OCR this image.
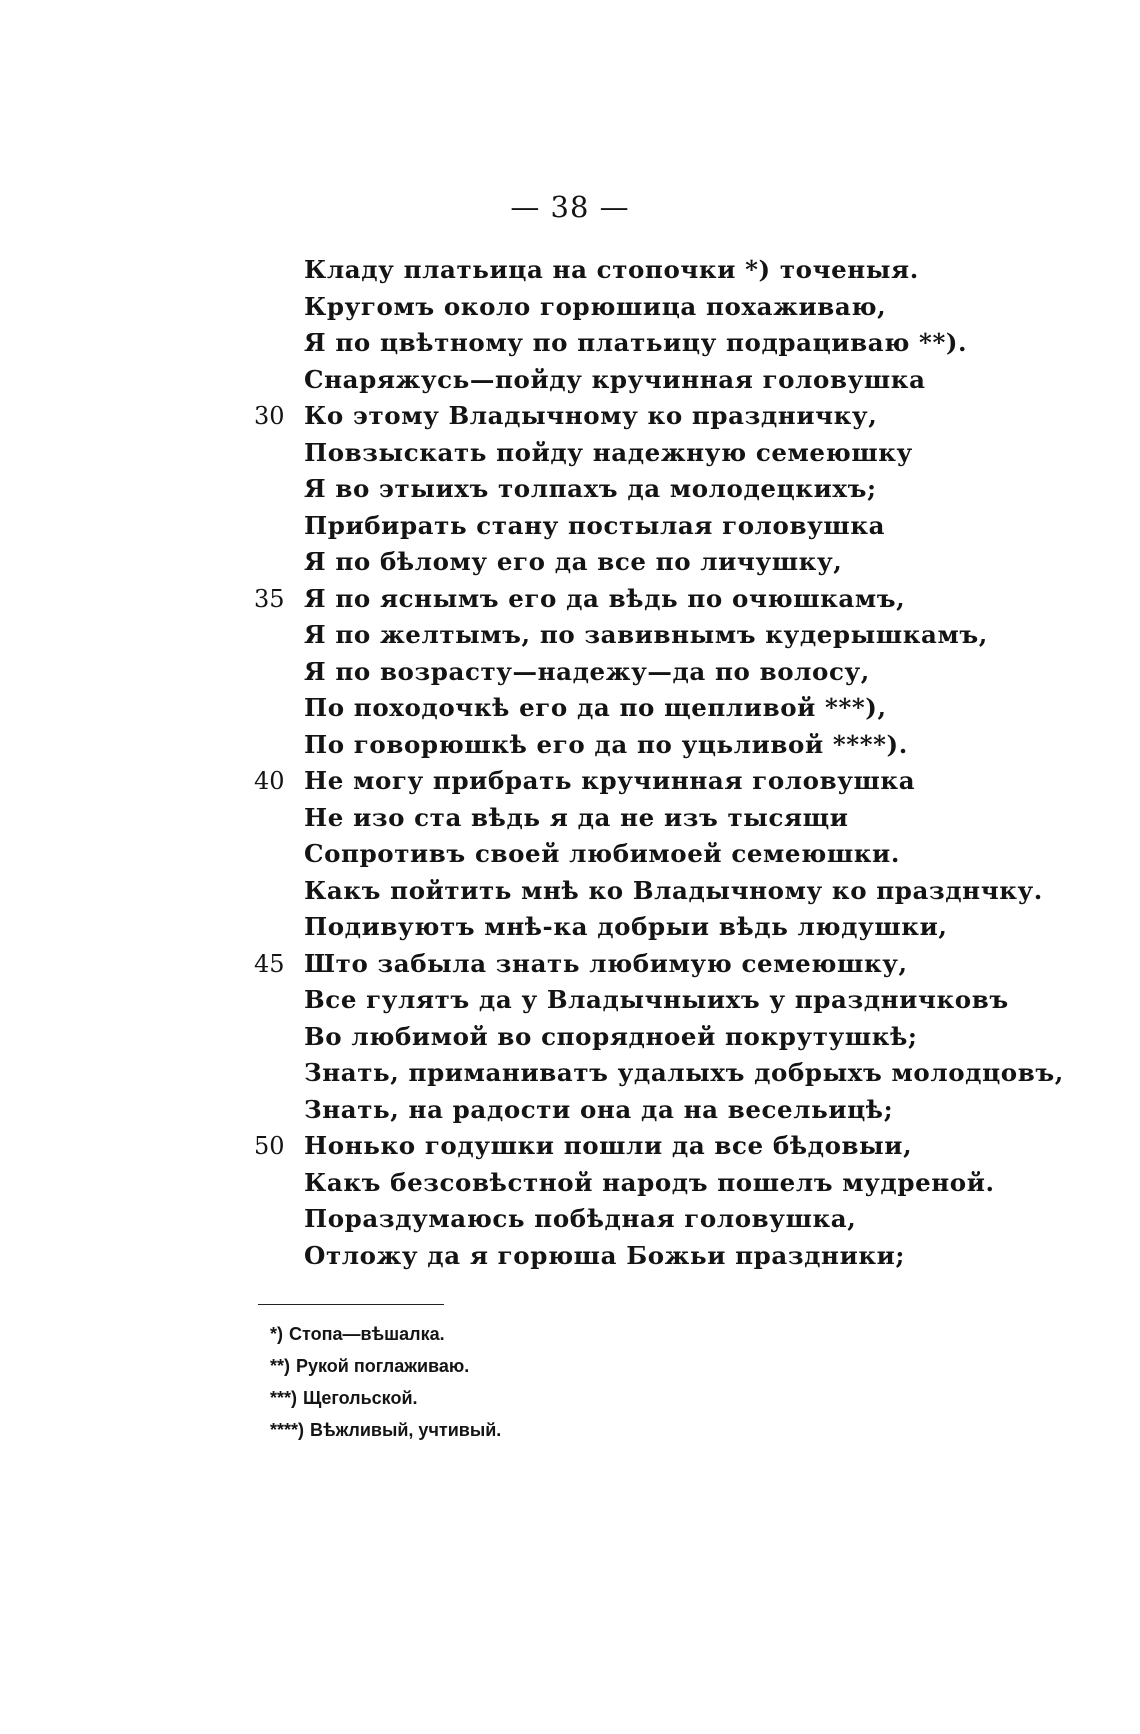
— 38 —
Кладу платьица на стопочки *) точеныя.
Кругомъ около горюшица похаживаю,
Я по цвѣтному по платьицу подрациваю **).
Снаряжусь—пойду кручинная головушка
30 Ко этому Владычному ко праздничку,
Повзыскать пойду надежную семеюшку
Я во этыихъ толпахъ да молодецкихъ;
Прибирать стану постылая головушка
Я по бѣлому его да все по личушку,
35 Я по яснымъ его да вѣдь по очюшкамъ,
Я по желтымъ, по завивнымъ кудерышкамъ,
Я по возрасту—надежу—да по волосу,
По походочкѣ его да по щепливой ***),
По говорюшкѣ его да по уцьливой ****).
40 Не могу прибрать кручинная головушка
Не изо ста вѣдь я да не изъ тысящи
Сопротивъ своей любимоей семеюшки.
Какъ пойтить мнѣ ко Владычному ко празднчку.
Подивуютъ мнѣ-ка добрыи вѣдь людушки,
45 Што забыла знать любимую семеюшку,
Все гулятъ да у Владычныихъ у праздничковъ
Во любимой во спорядноей покрутушкѣ;
Знать, приманиватъ удалыхъ добрыхъ молодцовъ,
Знать, на радости она да на весельицѣ;
50 Нонько годушки пошли да все бѣдовыи,
Какъ безсовѣстной народъ пошелъ мудреной.
Пораздумаюсь побѣдная головушка,
Отложу да я горюша Божьи праздники;
*) Стопа—вѣшалка.
**) Рукой поглаживаю.
***) Щегольской.
****) Вѣжливый, учтивый.
